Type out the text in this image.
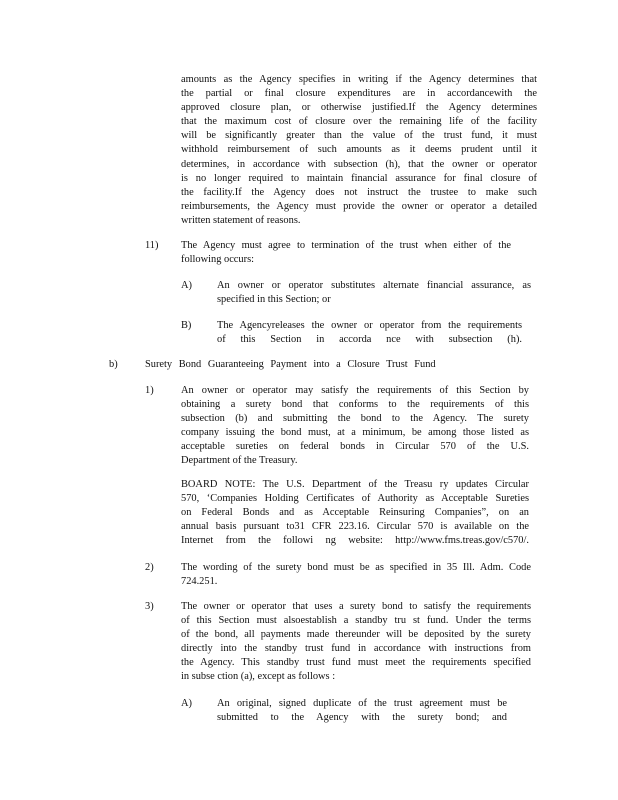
amounts as the Agency specifies in writing if the Agency determines that
the partial or final closure expenditures are in accordancewith the
approved closure plan, or otherwise justified.If the Agency determines
that the maximum cost of closure over the remaining life of the facility
will be significantly greater than the value of the trust fund, it must
withhold reimbursement of such amounts as it deems prudent until it
determines, in accordance with subsection (h), that the owner or operator
is no longer required to maintain financial assurance for final closure of
the facility.If the Agency does not instruct the trustee to make such
reimbursements, the Agency must provide the owner or operator a detailed
written statement of reasons.
11) The Agency must agree to termination of the trust when either of the
following occurs:
A) An owner or operator substitutes alternate financial assurance, as
specified in this Section; or
B) The Agencyreleases the owner or operator from the requirements
of this Section in accorda nce with subsection (h).
b)	Surety Bond Guaranteeing Payment into a Closure Trust Fund
1)	An owner or operator may satisfy the requirements of this Section by
obtaining a surety bond that conforms to the requirements of this
subsection (b) and submitting the bond to the Agency. The surety
company issuing the bond must, at a minimum, be among those listed as
acceptable sureties on federal bonds in Circular 570 of the U.S.
Department of the Treasury.
BOARD NOTE: The U.S. Department of the Treasu ry updates Circular
570, ‘Companies Holding Certificates of Authority as Acceptable Sureties
on Federal Bonds and as Acceptable Reinsuring Companies”, on an
annual basis pursuant to31 CFR 223.16. Circular 570 is available on the
Internet from the followi ng website: http://www.fms.treas.gov/c570/.
2)	The wording of the surety bond must be as specified in 35 Ill. Adm. Code
724.251.
3)	The owner or operator that uses a surety bond to satisfy the requirements
of this Section must alsoestablish a standby tru st fund. Under the terms
of the bond, all payments made thereunder will be deposited by the surety
directly into the standby trust fund in accordance with instructions from
the Agency. This standby trust fund must meet the requirements specified
in subse ction (a), except as follows :
A) An original, signed duplicate of the trust agreement must be
submitted to the Agency with the surety bond; and
